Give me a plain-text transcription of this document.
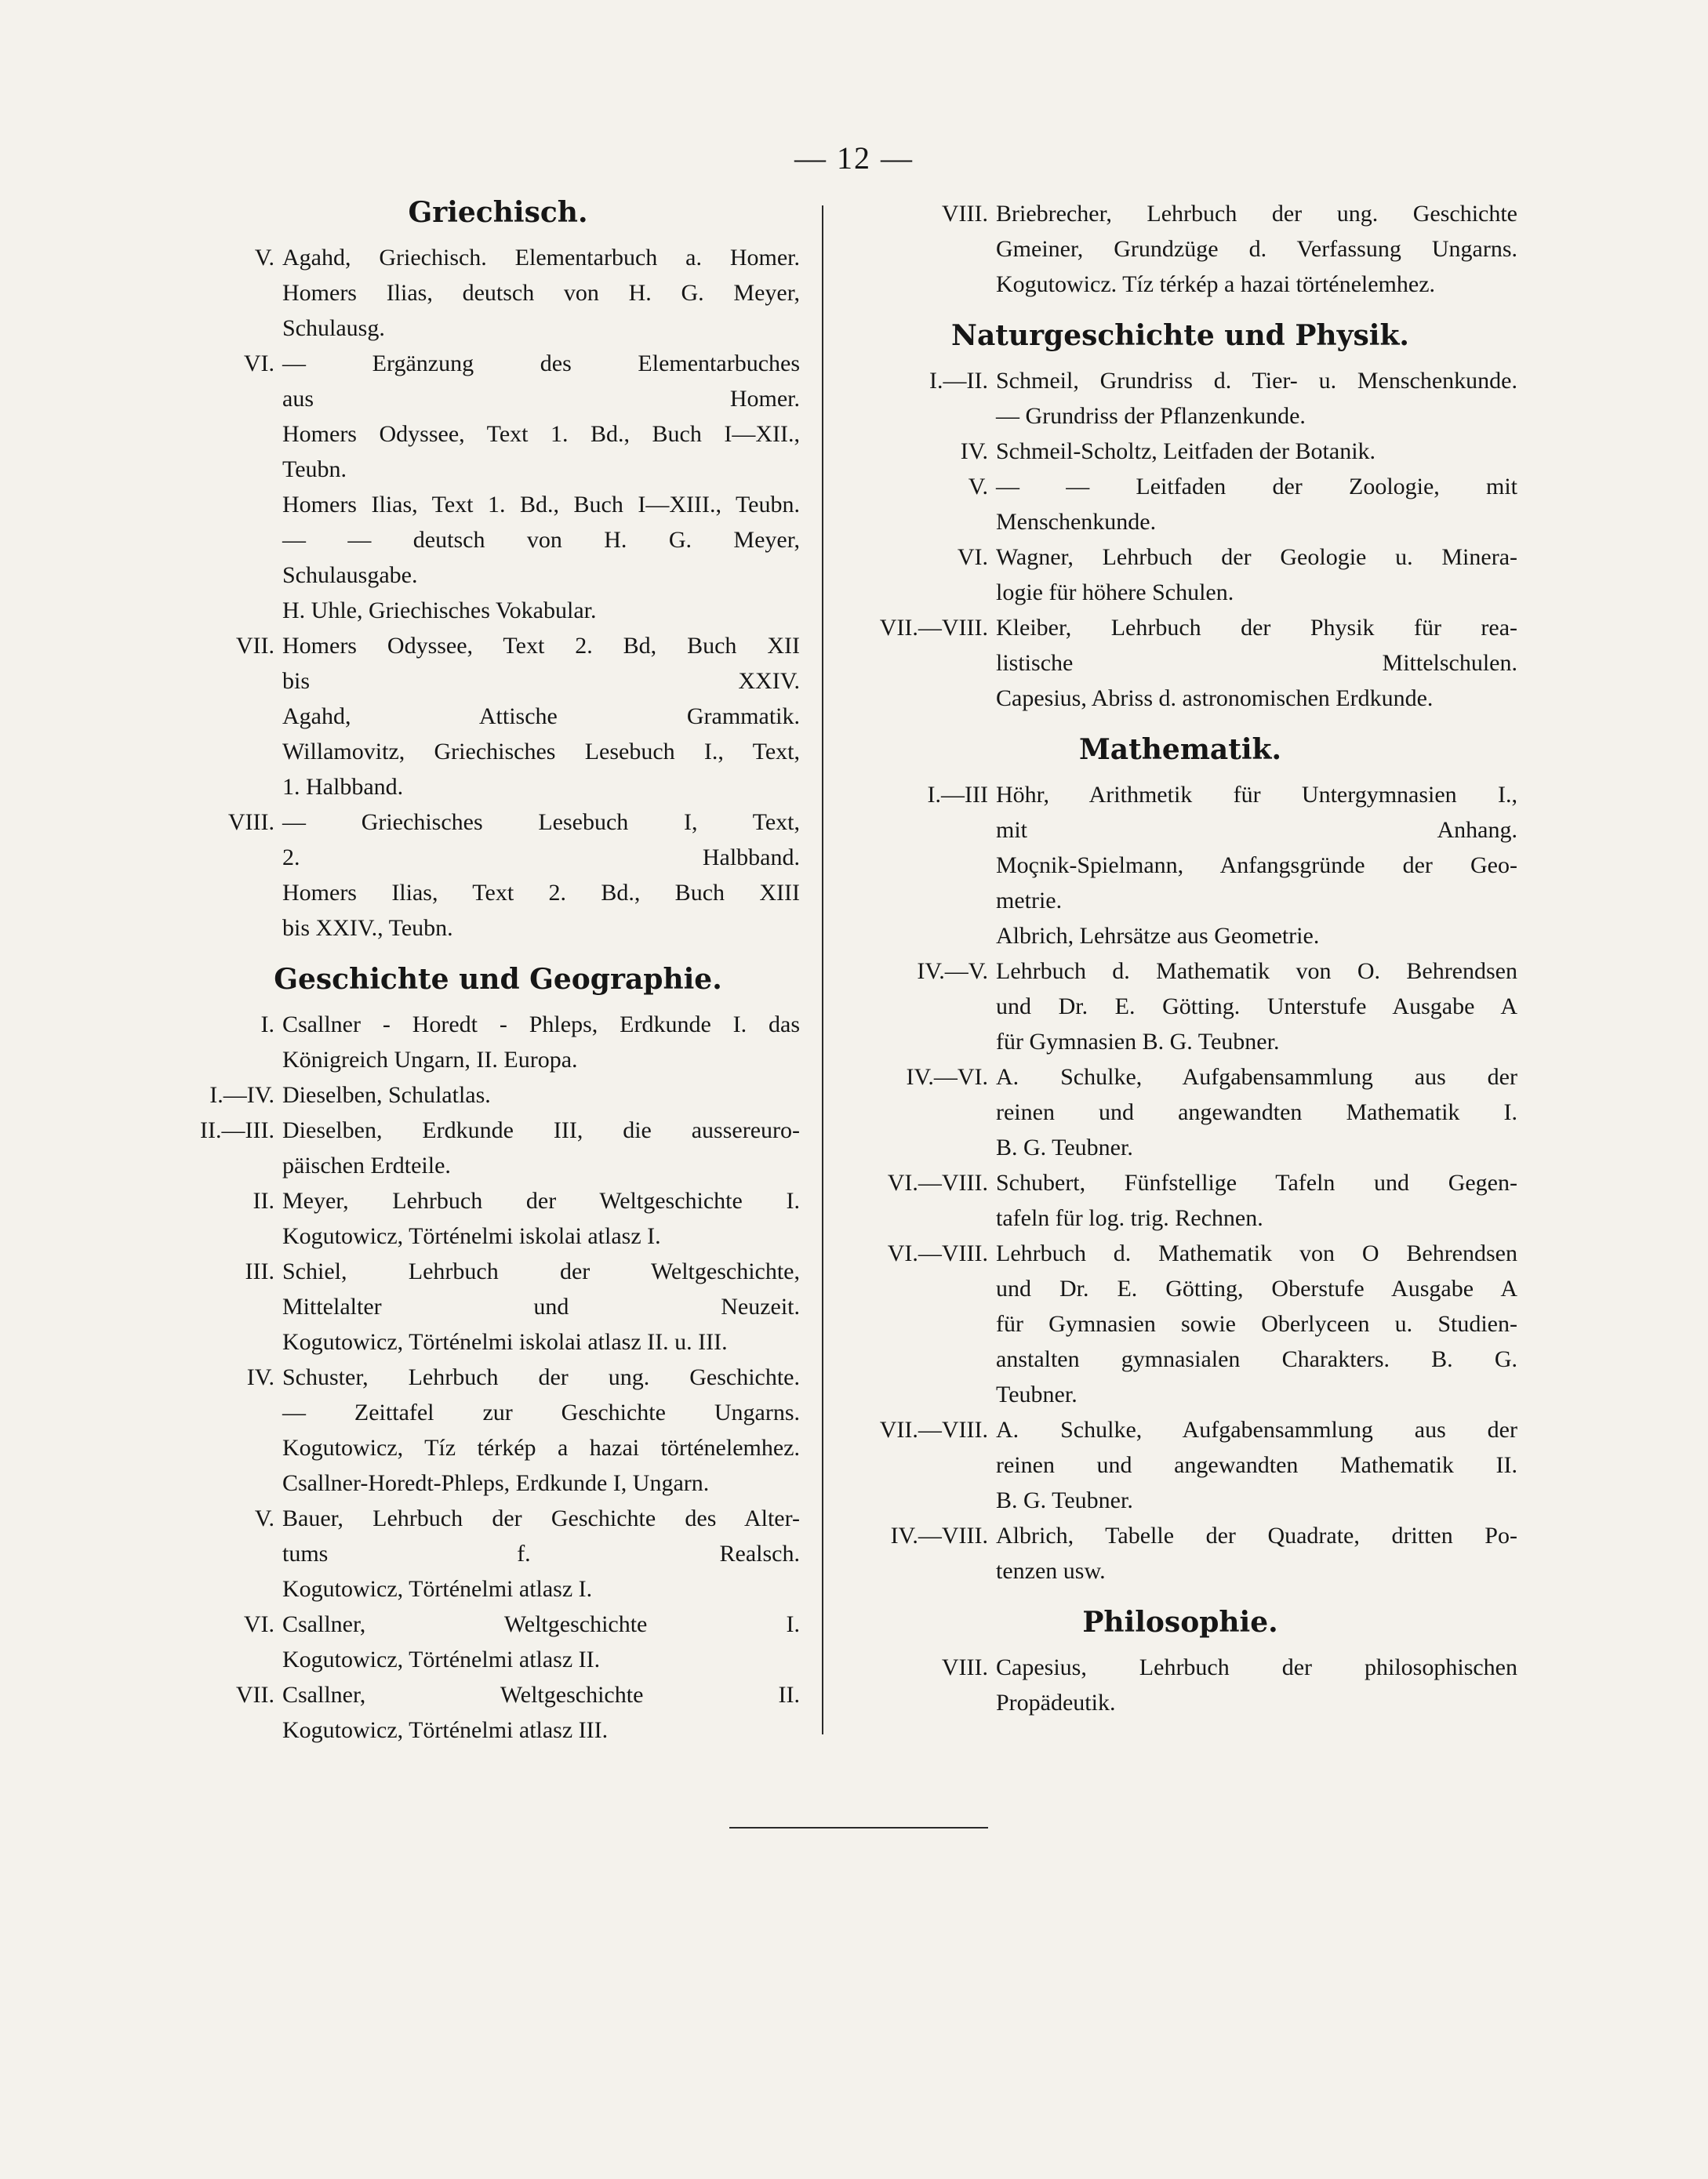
— 12 —
Griechisch.
V. Agahd, Griechisch. Elementarbuch a. Homer.
Homers Ilias, deutsch von H. G. Meyer,
Schulausg.
VI. — Ergänzung des Elementarbuches
aus Homer.
Homers Odyssee, Text 1. Bd., Buch I—XII.,
Teubn.
Homers Ilias, Text 1. Bd., Buch I—XIII., Teubn.
— — deutsch von H. G. Meyer,
Schulausgabe.
H. Uhle, Griechisches Vokabular.
VII. Homers Odyssee, Text 2. Bd, Buch XII
bis XXIV.
Agahd, Attische Grammatik.
Willamovitz, Griechisches Lesebuch I., Text,
1. Halbband.
VIII. — Griechisches Lesebuch I, Text,
2. Halbband.
Homers Ilias, Text 2. Bd., Buch XIII
bis XXIV., Teubn.
Geschichte und Geographie.
I. Csallner - Horedt - Phleps, Erdkunde I. das
Königreich Ungarn, II. Europa.
I.—IV. Dieselben, Schulatlas.
II.—III. Dieselben, Erdkunde III, die aussereuro-
päischen Erdteile.
II. Meyer, Lehrbuch der Weltgeschichte I.
Kogutowicz, Történelmi iskolai atlasz I.
III. Schiel, Lehrbuch der Weltgeschichte,
Mittelalter und Neuzeit.
Kogutowicz, Történelmi iskolai atlasz II. u. III.
IV. Schuster, Lehrbuch der ung. Geschichte.
— Zeittafel zur Geschichte Ungarns.
Kogutowicz, Tíz térkép a hazai történelemhez.
Csallner-Horedt-Phleps, Erdkunde I, Ungarn.
V. Bauer, Lehrbuch der Geschichte des Alter-
tums f. Realsch.
Kogutowicz, Történelmi atlasz I.
VI. Csallner, Weltgeschichte I.
Kogutowicz, Történelmi atlasz II.
VII. Csallner, Weltgeschichte II.
Kogutowicz, Történelmi atlasz III.
VIII. Briebrecher, Lehrbuch der ung. Geschichte
Gmeiner, Grundzüge d. Verfassung Ungarns.
Kogutowicz. Tíz térkép a hazai történelemhez.
Naturgeschichte und Physik.
I.—II. Schmeil, Grundriss d. Tier- u. Menschenkunde.
— Grundriss der Pflanzenkunde.
IV. Schmeil-Scholtz, Leitfaden der Botanik.
V. — — Leitfaden der Zoologie, mit
Menschenkunde.
VI. Wagner, Lehrbuch der Geologie u. Minera-
logie für höhere Schulen.
VII.—VIII. Kleiber, Lehrbuch der Physik für rea-
listische Mittelschulen.
Capesius, Abriss d. astronomischen Erdkunde.
Mathematik.
I.—III Höhr, Arithmetik für Untergymnasien I.,
mit Anhang.
Moçnik-Spielmann, Anfangsgründe der Geo-
metrie.
Albrich, Lehrsätze aus Geometrie.
IV.—V. Lehrbuch d. Mathematik von O. Behrendsen
und Dr. E. Götting. Unterstufe Ausgabe A
für Gymnasien B. G. Teubner.
IV.—VI. A. Schulke, Aufgabensammlung aus der
reinen und angewandten Mathematik I.
B. G. Teubner.
VI.—VIII. Schubert, Fünfstellige Tafeln und Gegen-
tafeln für log. trig. Rechnen.
VI.—VIII. Lehrbuch d. Mathematik von O Behrendsen
und Dr. E. Götting, Oberstufe Ausgabe A
für Gymnasien sowie Oberlyceen u. Studien-
anstalten gymnasialen Charakters. B. G.
Teubner.
VII.—VIII. A. Schulke, Aufgabensammlung aus der
reinen und angewandten Mathematik II.
B. G. Teubner.
IV.—VIII. Albrich, Tabelle der Quadrate, dritten Po-
tenzen usw.
Philosophie.
VIII. Capesius, Lehrbuch der philosophischen
Propädeutik.
